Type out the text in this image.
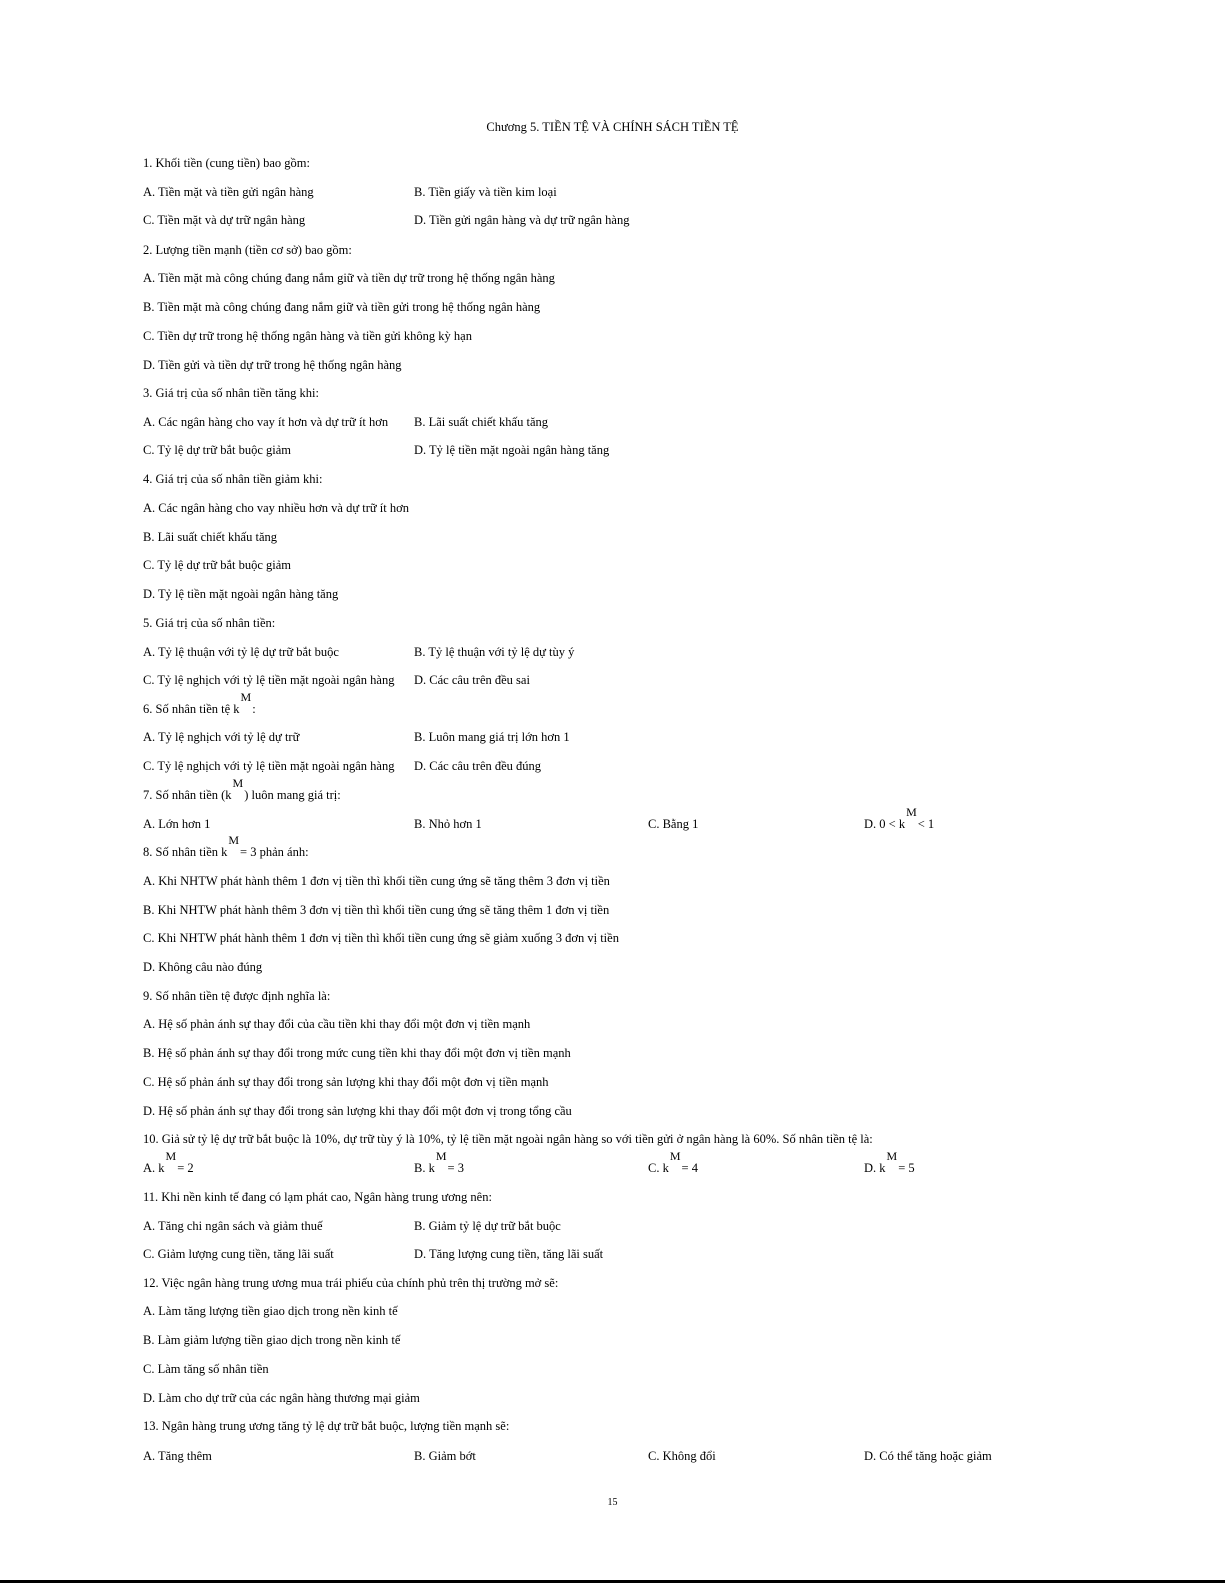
Chương 5. TIỀN TỆ VÀ CHÍNH SÁCH TIỀN TỆ
1. Khối tiền (cung tiền) bao gồm:
A. Tiền mặt và tiền gửi ngân hàng	B. Tiền giấy và tiền kim loại
C. Tiền mặt và dự trữ ngân hàng	D. Tiền gửi ngân hàng và dự trữ ngân hàng
2. Lượng tiền mạnh (tiền cơ sở) bao gồm:
A. Tiền mặt mà công chúng đang nắm giữ và tiền dự trữ trong hệ thống ngân hàng
B. Tiền mặt mà công chúng đang nắm giữ và tiền gửi trong hệ thống ngân hàng
C. Tiền dự trữ trong hệ thống ngân hàng và tiền gửi không kỳ hạn
D. Tiền gửi và tiền dự trữ trong hệ thống ngân hàng
3. Giá trị của số nhân tiền tăng khi:
A. Các ngân hàng cho vay ít hơn và dự trữ ít hơn B. Lãi suất chiết khấu tăng
C. Tỷ lệ dự trữ bắt buộc giảm	D. Tỷ lệ tiền mặt ngoài ngân hàng tăng
4. Giá trị của số nhân tiền giảm khi:
A. Các ngân hàng cho vay nhiều hơn và dự trữ ít hơn
B. Lãi suất chiết khấu tăng
C. Tỷ lệ dự trữ bắt buộc giảm
D. Tỷ lệ tiền mặt ngoài ngân hàng tăng
5. Giá trị của số nhân tiền:
A. Tỷ lệ thuận với tỷ lệ dự trữ bắt buộc	B. Tỷ lệ thuận với tỷ lệ dự tùy ý
C. Tỷ lệ nghịch với tỷ lệ tiền mặt ngoài ngân hàng D. Các câu trên đều sai
6. Số nhân tiền tệ kM:
A. Tỷ lệ nghịch với tỷ lệ dự trữ	B. Luôn mang giá trị lớn hơn 1
C. Tỷ lệ nghịch với tỷ lệ tiền mặt ngoài ngân hàng D. Các câu trên đều đúng
7. Số nhân tiền (kM) luôn mang giá trị:
A. Lớn hơn 1	B. Nhỏ hơn 1	C. Bằng 1	D. 0 < kM< 1
8. Số nhân tiền kM= 3 phản ánh:
A. Khi NHTW phát hành thêm 1 đơn vị tiền thì khối tiền cung ứng sẽ tăng thêm 3 đơn vị tiền
B. Khi NHTW phát hành thêm 3 đơn vị tiền thì khối tiền cung ứng sẽ tăng thêm 1 đơn vị tiền
C. Khi NHTW phát hành thêm 1 đơn vị tiền thì khối tiền cung ứng sẽ giảm xuống 3 đơn vị tiền
D. Không câu nào đúng
9. Số nhân tiền tệ được định nghĩa là:
A. Hệ số phản ánh sự thay đổi của cầu tiền khi thay đổi một đơn vị tiền mạnh
B. Hệ số phản ánh sự thay đổi trong mức cung tiền khi thay đổi một đơn vị tiền mạnh
C. Hệ số phản ánh sự thay đổi trong sản lượng khi thay đổi một đơn vị tiền mạnh
D. Hệ số phản ánh sự thay đổi trong sản lượng khi thay đổi một đơn vị trong tổng cầu
10. Giả sử tỷ lệ dự trữ bắt buộc là 10%, dự trữ tùy ý là 10%, tỷ lệ tiền mặt ngoài ngân hàng so với tiền gửi ở ngân hàng là 60%. Số nhân tiền tệ là:
A. kM= 2	B. kM= 3	C. kM= 4	D. kM= 5
11. Khi nền kinh tế đang có lạm phát cao, Ngân hàng trung ương nên:
A. Tăng chi ngân sách và giảm thuế	B. Giảm tỷ lệ dự trữ bắt buộc
C. Giảm lượng cung tiền, tăng lãi suất	D. Tăng lượng cung tiền, tăng lãi suất
12. Việc ngân hàng trung ương mua trái phiếu của chính phủ trên thị trường mở sẽ:
A. Làm tăng lượng tiền giao dịch trong nền kinh tế
B. Làm giảm lượng tiền giao dịch trong nền kinh tế
C. Làm tăng số nhân tiền
D. Làm cho dự trữ của các ngân hàng thương mại giảm
13. Ngân hàng trung ương tăng tỷ lệ dự trữ bắt buộc, lượng tiền mạnh sẽ:
A. Tăng thêm	B. Giảm bớt	C. Không đổi	D. Có thể tăng hoặc giảm
15
